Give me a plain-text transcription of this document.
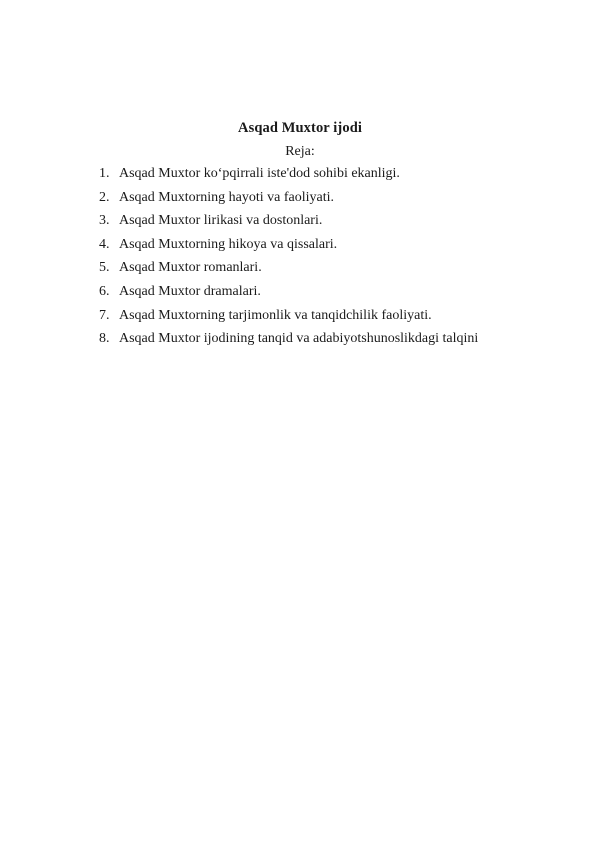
Asqad Muxtor ijodi
Reja:
1. Asqad Muxtor koʻpqirrali iste'dod sohibi ekanligi.
2. Asqad Muxtorning hayoti va faoliyati.
3. Asqad Muxtor lirikasi va dostonlari.
4. Asqad Muxtorning hikoya va qissalari.
5. Asqad Muxtor romanlari.
6. Asqad Muxtor dramalari.
7. Asqad Muxtorning tarjimonlik va tanqidchilik faoliyati.
8. Asqad Muxtor ijodining tanqid va adabiyotshunoslikdagi talqini
